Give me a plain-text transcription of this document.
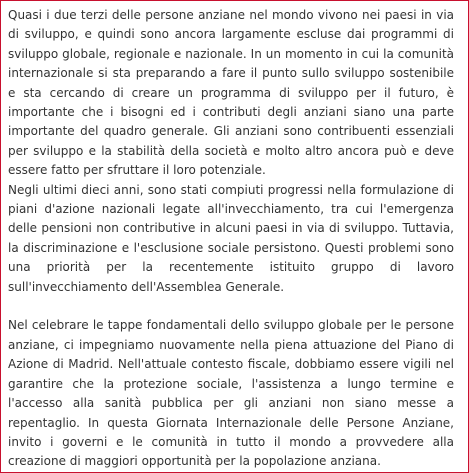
Quasi i due terzi delle persone anziane nel mondo vivono nei paesi in via di sviluppo, e quindi sono ancora largamente escluse dai programmi di sviluppo globale, regionale e nazionale. In un momento in cui la comunità internazionale si sta preparando a fare il punto sullo sviluppo sostenibile e sta cercando di creare un programma di sviluppo per il futuro, è importante che i bisogni ed i contributi degli anziani siano una parte importante del quadro generale. Gli anziani sono contribuenti essenziali per sviluppo e la stabilità della società e molto altro ancora può e deve essere fatto per sfruttare il loro potenziale.

Negli ultimi dieci anni, sono stati compiuti progressi nella formulazione di piani d'azione nazionali legate all'invecchiamento, tra cui l'emergenza delle pensioni non contributive in alcuni paesi in via di sviluppo. Tuttavia, la discriminazione e l'esclusione sociale persistono. Questi problemi sono una priorità per la recentemente istituito gruppo di lavoro sull'invecchiamento dell'Assemblea Generale.

Nel celebrare le tappe fondamentali dello sviluppo globale per le persone anziane, ci impegniamo nuovamente nella piena attuazione del Piano di Azione di Madrid. Nell'attuale contesto fiscale, dobbiamo essere vigili nel garantire che la protezione sociale, l'assistenza a lungo termine e l'accesso alla sanità pubblica per gli anziani non siano messe a repentaglio. In questa Giornata Internazionale delle Persone Anziane, invito i governi e le comunità in tutto il mondo a provvedere alla creazione di maggiori opportunità per la popolazione anziana.
